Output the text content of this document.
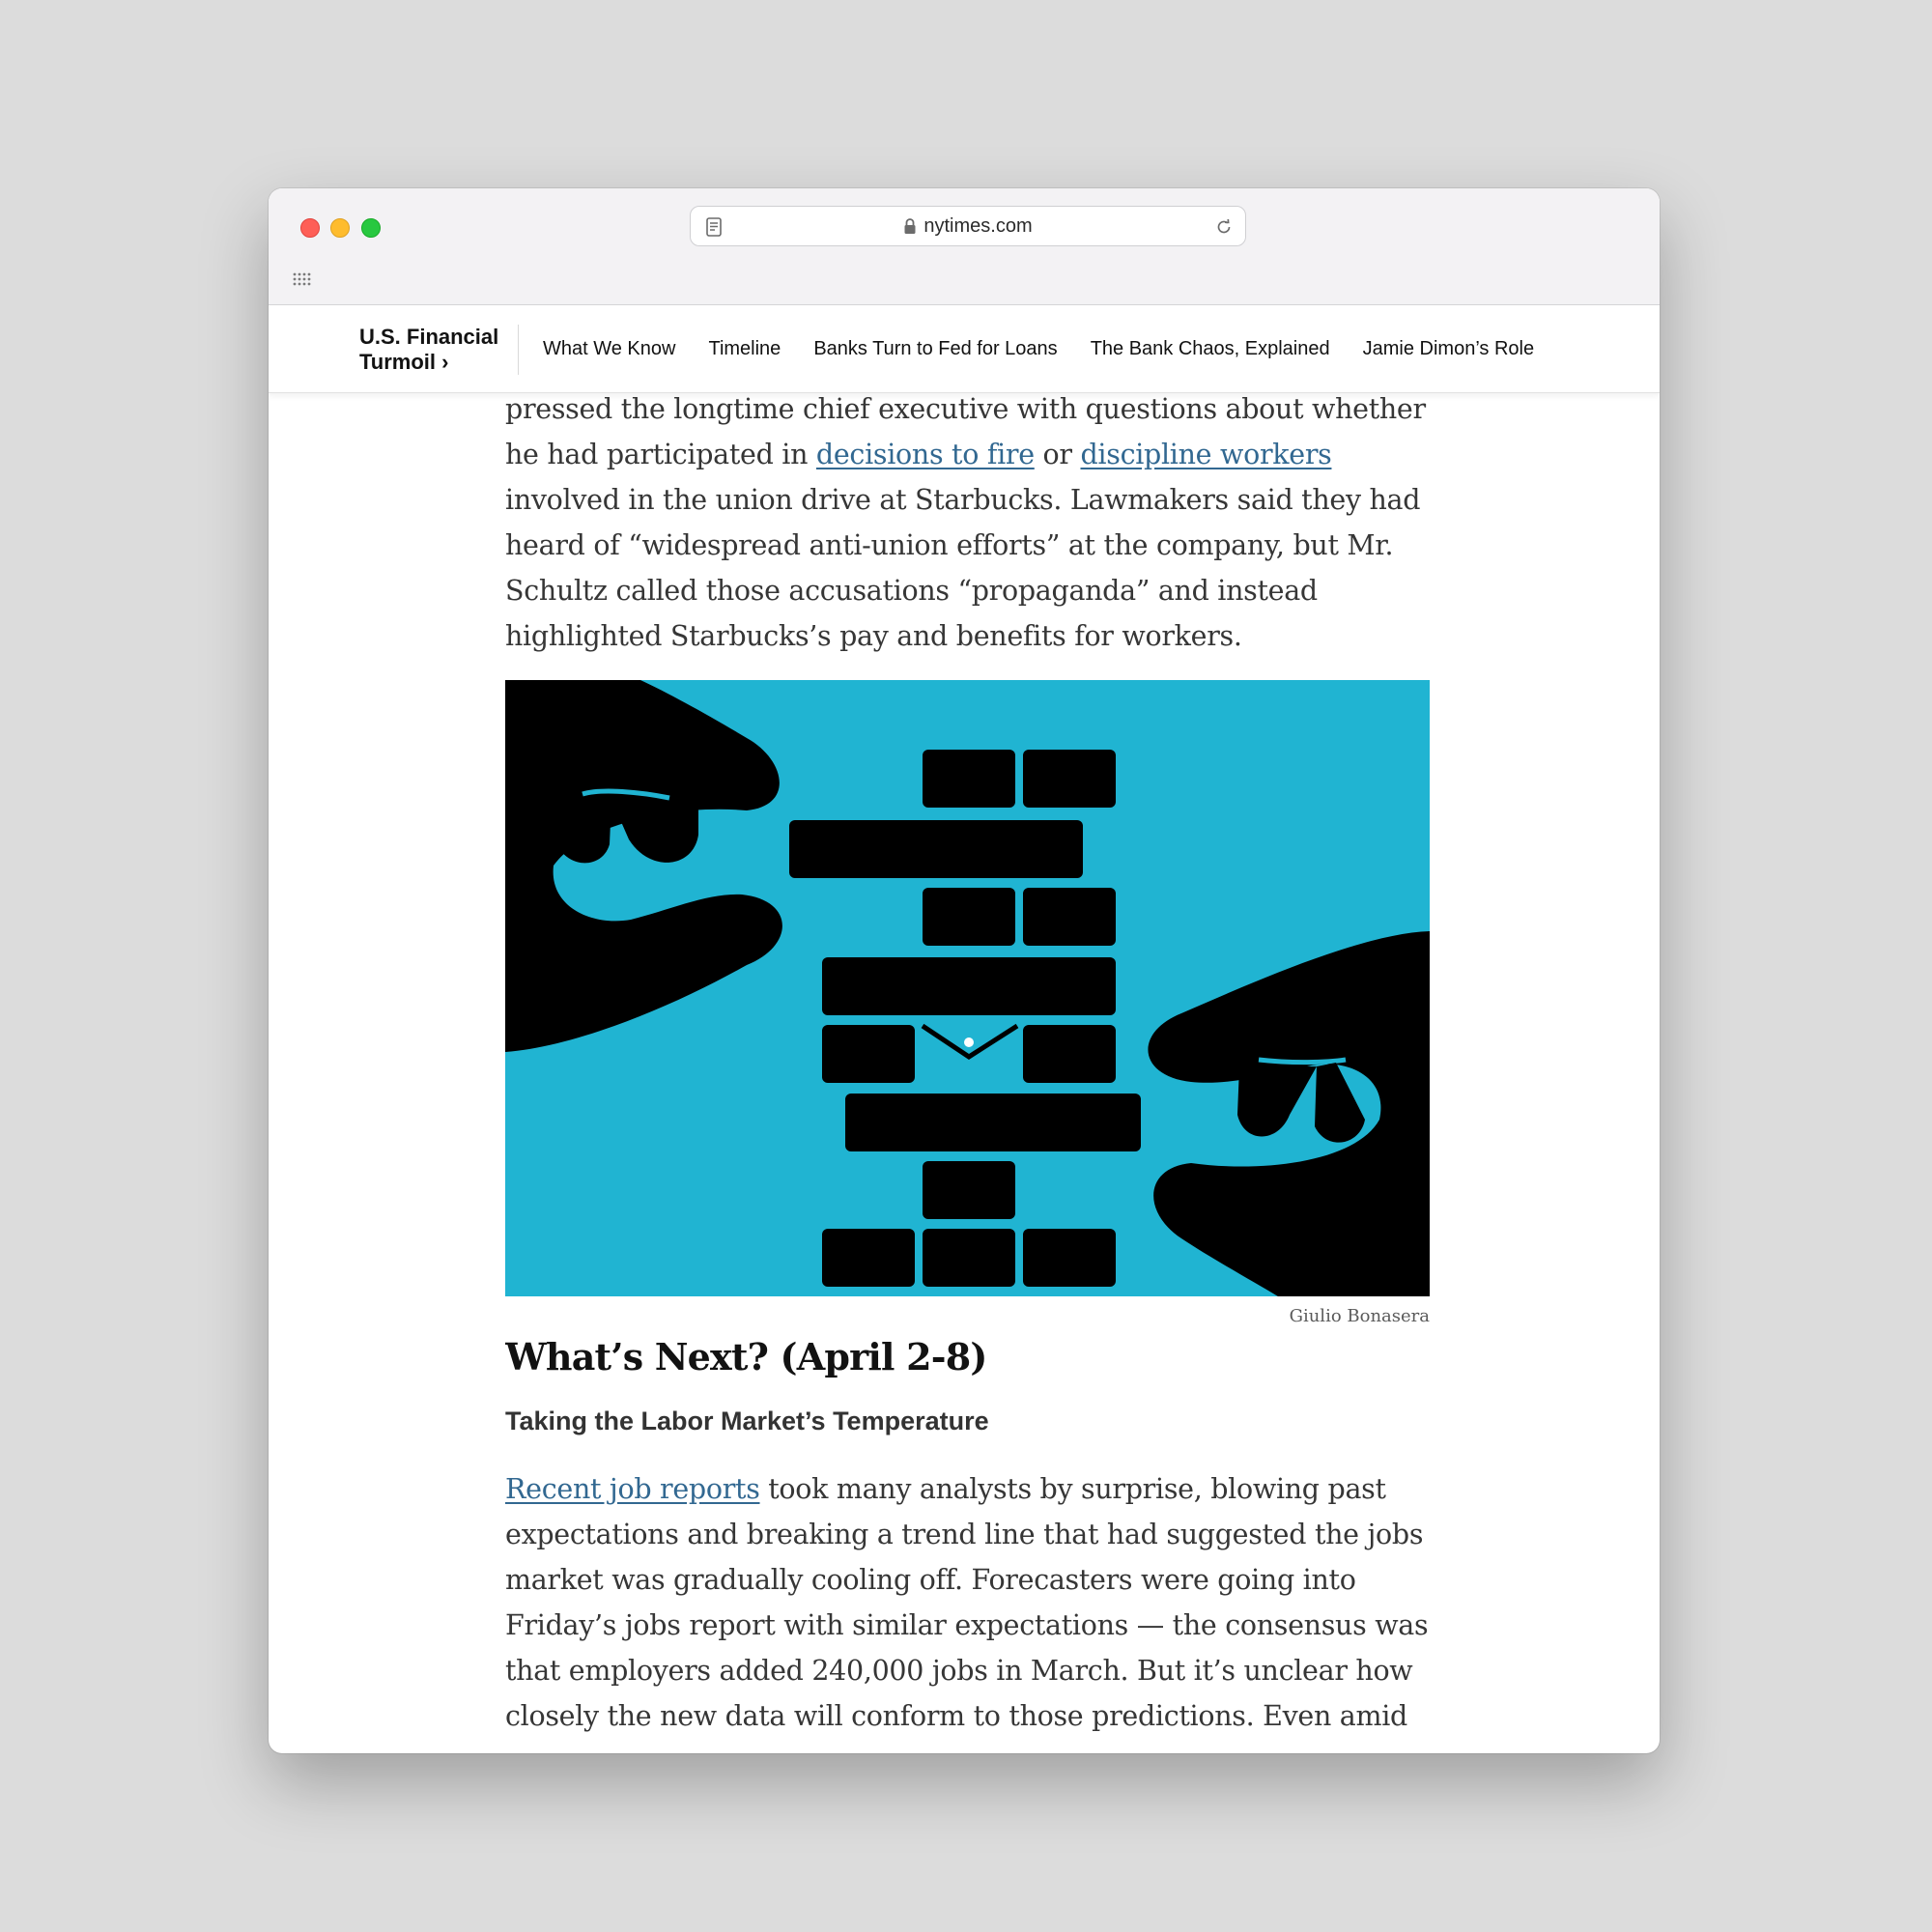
nytimes.com
U.S. Financial
Turmoil ›
What We Know Timeline Banks Turn to Fed for Loans The Bank Chaos, Explained Jamie Dimon’s Role

pressed the longtime chief executive with questions about whether
he had participated in decisions to fire or discipline workers
involved in the union drive at Starbucks. Lawmakers said they had heard of “widespread anti-union efforts” at the company, but Mr. Schultz called those accusations “propaganda” and instead highlighted Starbucks’s pay and benefits for workers.

Giulio Bonasera
What’s Next? (April 2-8)
Taking the Labor Market’s Temperature

Recent job reports took many analysts by surprise, blowing past expectations and breaking a trend line that had suggested the jobs market was gradually cooling off. Forecasters were going into Friday’s jobs report with similar expectations — the consensus was that employers added 240,000 jobs in March. But it’s unclear how closely the new data will conform to those predictions. Even amid
